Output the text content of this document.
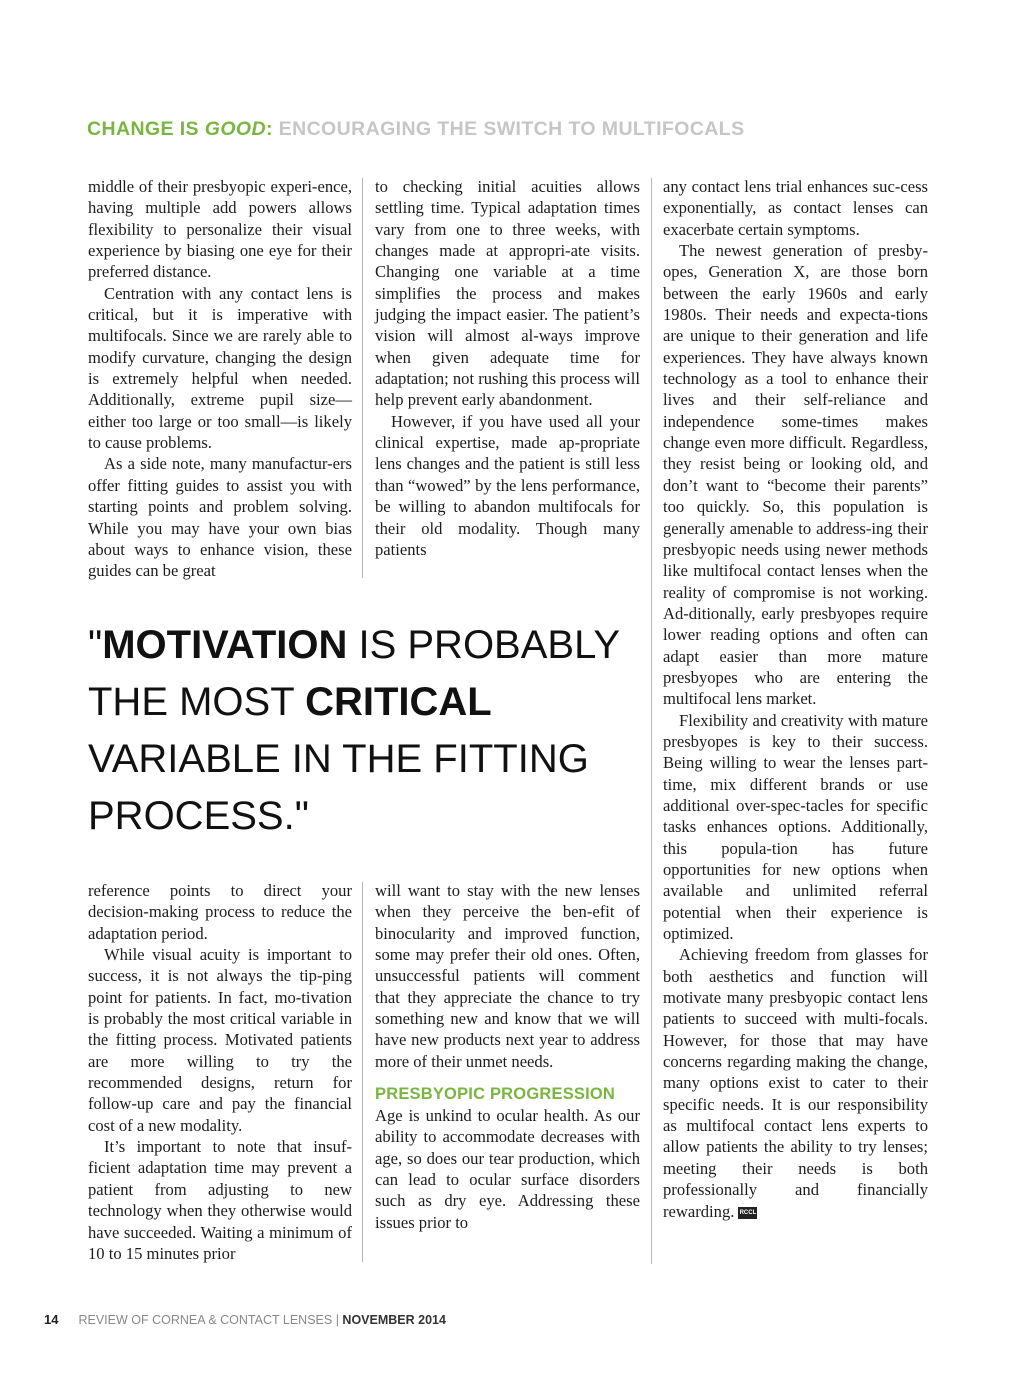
CHANGE IS GOOD: ENCOURAGING THE SWITCH TO MULTIFOCALS

middle of their presbyopic experi-ence, having multiple add powers allows flexibility to personalize their visual experience by biasing one eye for their preferred distance.

Centration with any contact lens is critical, but it is imperative with multifocals. Since we are rarely able to modify curvature, changing the design is extremely helpful when needed. Additionally, extreme pupil size—either too large or too small—is likely to cause problems.

As a side note, many manufactur-ers offer fitting guides to assist you with starting points and problem solving. While you may have your own bias about ways to enhance vision, these guides can be great

to checking initial acuities allows settling time. Typical adaptation times vary from one to three weeks, with changes made at appropri-ate visits. Changing one variable at a time simplifies the process and makes judging the impact easier. The patient’s vision will almost al-ways improve when given adequate time for adaptation; not rushing this process will help prevent early abandonment.

However, if you have used all your clinical expertise, made ap-propriate lens changes and the patient is still less than “wowed” by the lens performance, be willing to abandon multifocals for their old modality. Though many patients

"MOTIVATION IS PROBABLY THE MOST CRITICAL VARIABLE IN THE FITTING PROCESS."

reference points to direct your decision-making process to reduce the adaptation period.

While visual acuity is important to success, it is not always the tip-ping point for patients. In fact, mo-tivation is probably the most critical variable in the fitting process. Motivated patients are more willing to try the recommended designs, return for follow-up care and pay the financial cost of a new modality.

It’s important to note that insuf-ficient adaptation time may prevent a patient from adjusting to new technology when they otherwise would have succeeded. Waiting a minimum of 10 to 15 minutes prior

will want to stay with the new lenses when they perceive the ben-efit of binocularity and improved function, some may prefer their old ones. Often, unsuccessful patients will comment that they appreciate the chance to try something new and know that we will have new products next year to address more of their unmet needs.

PRESBYOPIC PROGRESSION

Age is unkind to ocular health. As our ability to accommodate decreases with age, so does our tear production, which can lead to ocular surface disorders such as dry eye. Addressing these issues prior to

any contact lens trial enhances suc-cess exponentially, as contact lenses can exacerbate certain symptoms.

The newest generation of presby-opes, Generation X, are those born between the early 1960s and early 1980s. Their needs and expecta-tions are unique to their generation and life experiences. They have always known technology as a tool to enhance their lives and their self-reliance and independence some-times makes change even more difficult. Regardless, they resist being or looking old, and don’t want to “become their parents” too quickly. So, this population is generally amenable to address-ing their presbyopic needs using newer methods like multifocal contact lenses when the reality of compromise is not working. Ad-ditionally, early presbyopes require lower reading options and often can adapt easier than more mature presbyopes who are entering the multifocal lens market.

Flexibility and creativity with mature presbyopes is key to their success. Being willing to wear the lenses part-time, mix different brands or use additional over-spec-tacles for specific tasks enhances options. Additionally, this popula-tion has future opportunities for new options when available and unlimited referral potential when their experience is optimized.

Achieving freedom from glasses for both aesthetics and function will motivate many presbyopic contact lens patients to succeed with multi-focals. However, for those that may have concerns regarding making the change, many options exist to cater to their specific needs. It is our responsibility as multifocal contact lens experts to allow patients the ability to try lenses; meeting their needs is both professionally and financially rewarding. RCCL

14 REVIEW OF CORNEA & CONTACT LENSES | NOVEMBER 2014
